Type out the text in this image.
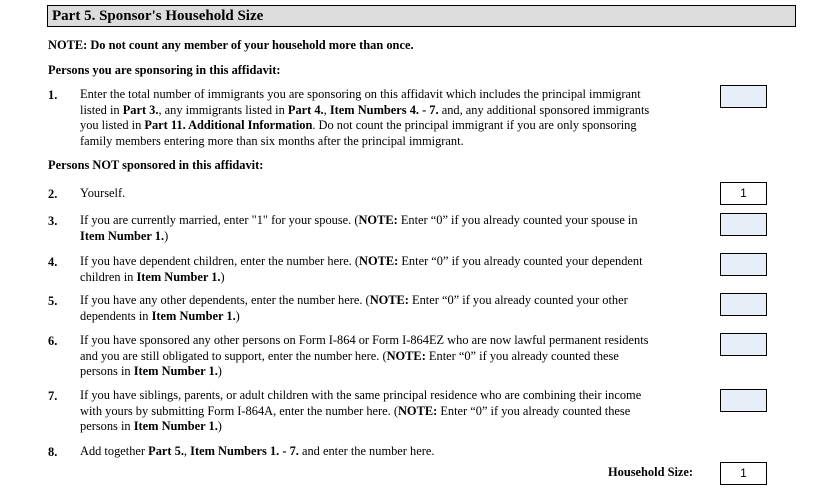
Part 5. Sponsor's Household Size
NOTE: Do not count any member of your household more than once.
Persons you are sponsoring in this affidavit:
Persons NOT sponsored in this affidavit:
1. Enter the total number of immigrants you are sponsoring on this affidavit which includes the principal immigrant
listed in Part 3., any immigrants listed in Part 4., Item Numbers 4. - 7. and, any additional sponsored immigrants
you listed in Part 11. Additional Information. Do not count the principal immigrant if you are only sponsoring
family members entering more than six months after the principal immigrant.
2. Yourself.	1
3. If you are currently married, enter "1" for your spouse. (NOTE: Enter “0” if you already counted your spouse in
Item Number 1.)
4. If you have dependent children, enter the number here. (NOTE: Enter “0” if you already counted your dependent
children in Item Number 1.)
5. If you have any other dependents, enter the number here. (NOTE: Enter “0” if you already counted your other
dependents in Item Number 1.)
6. If you have sponsored any other persons on Form I-864 or Form I-864EZ who are now lawful permanent residents
and you are still obligated to support, enter the number here. (NOTE: Enter “0” if you already counted these
persons in Item Number 1.)
7. If you have siblings, parents, or adult children with the same principal residence who are combining their income
with yours by submitting Form I-864A, enter the number here. (NOTE: Enter “0” if you already counted these
persons in Item Number 1.)
8. Add together Part 5., Item Numbers 1. - 7. and enter the number here.
Household Size:	1
